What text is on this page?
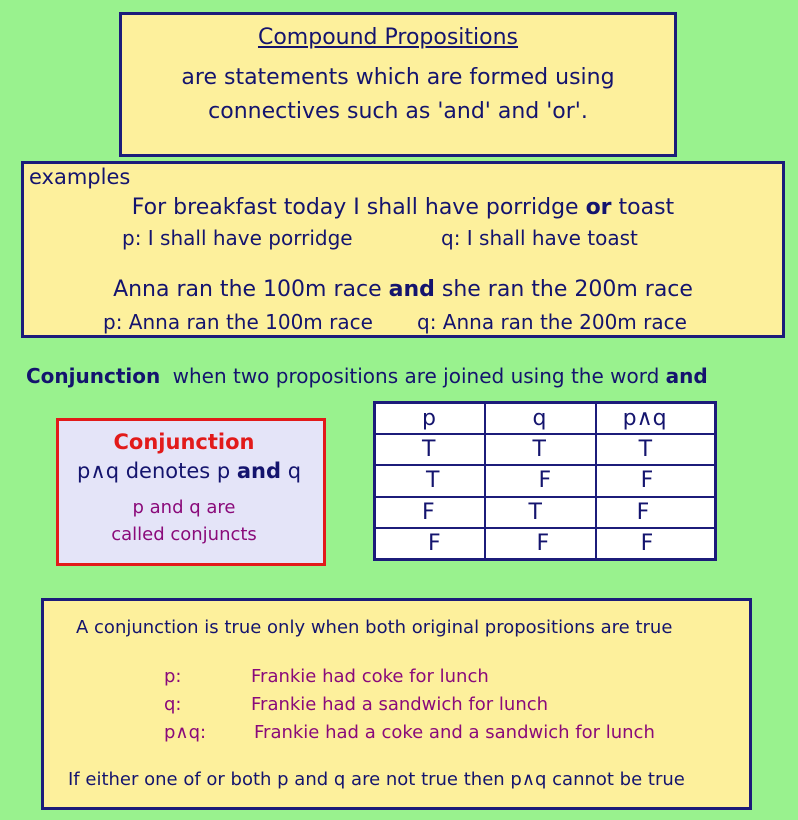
Compound Propositions
are statements which are formed using
connectives such as 'and' and 'or'.
examples
For breakfast today I shall have porridge or toast
p: I shall have porridge	q: I shall have toast
Anna ran the 100m race and she ran the 200m race
p: Anna ran the 100m race q: Anna ran the 200m race
Conjunction when two propositions are joined using the word and
Conjunction
p∧q denotes p and q
p and q are
called conjuncts
p	q	p∧q
T	T	T
T	F	F
F	T	F
F	F	F
A conjunction is true only when both original propositions are true
p:	Frankie had coke for lunch
q:	Frankie had a sandwich for lunch
p∧q:	Frankie had a coke and a sandwich for lunch
If either one of or both p and q are not true then p∧q cannot be true
